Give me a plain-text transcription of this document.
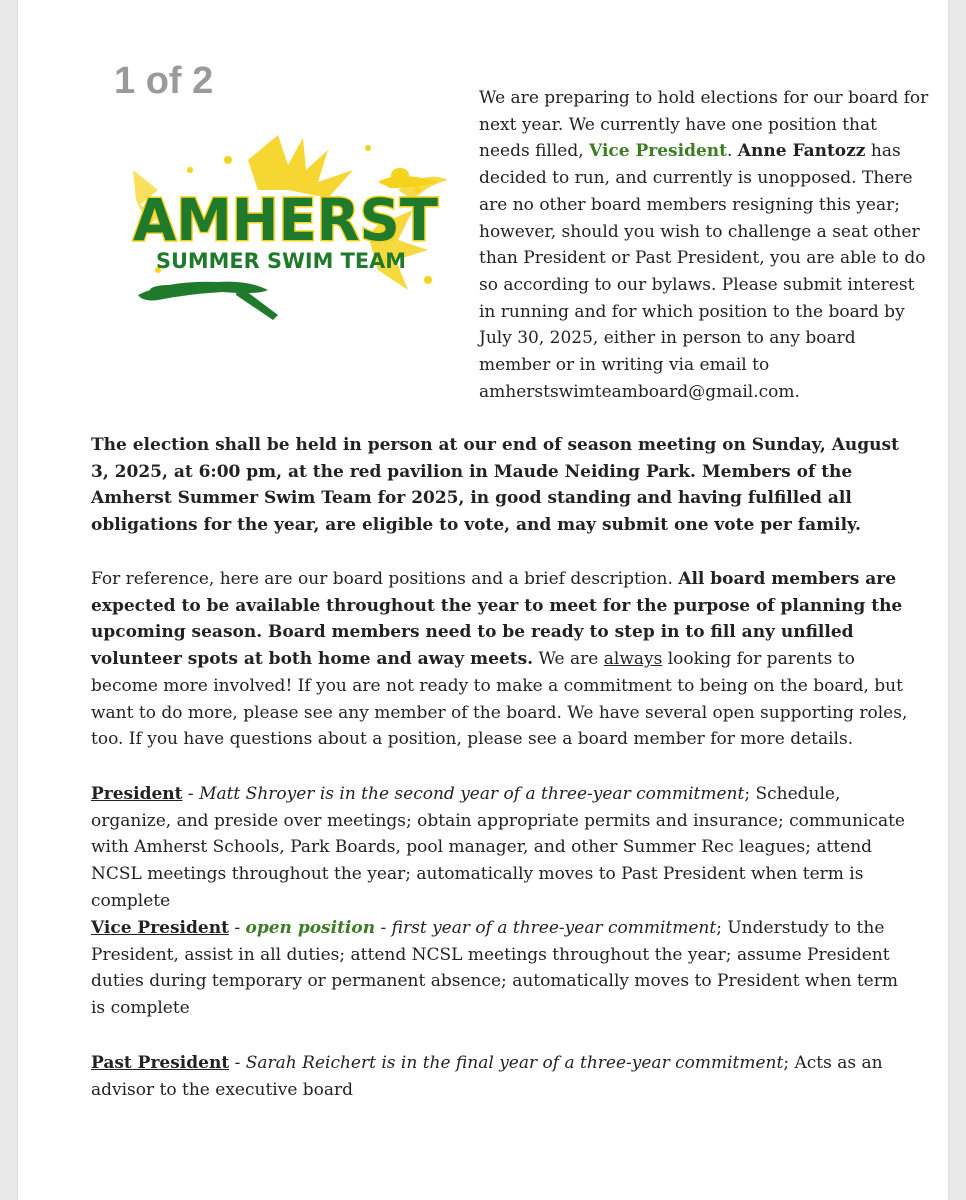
1 of 2
AMHERST
SUMMER SWIM TEAM

We are preparing to hold elections for our board for next year. We currently have one position that needs filled, Vice President. Anne Fantozz has decided to run, and currently is unopposed. There are no other board members resigning this year; however, should you wish to challenge a seat other than President or Past President, you are able to do so according to our bylaws. Please submit interest in running and for which position to the board by July 30, 2025, either in person to any board member or in writing via email to amherstswimteamboard@gmail.com.

The election shall be held in person at our end of season meeting on Sunday, August 3, 2025, at 6:00 pm, at the red pavilion in Maude Neiding Park. Members of the Amherst Summer Swim Team for 2025, in good standing and having fulfilled all obligations for the year, are eligible to vote, and may submit one vote per family.

For reference, here are our board positions and a brief description. All board members are expected to be available throughout the year to meet for the purpose of planning the upcoming season. Board members need to be ready to step in to fill any unfilled volunteer spots at both home and away meets. We are always looking for parents to become more involved! If you are not ready to make a commitment to being on the board, but want to do more, please see any member of the board. We have several open supporting roles, too. If you have questions about a position, please see a board member for more details.

President - Matt Shroyer is in the second year of a three-year commitment; Schedule, organize, and preside over meetings; obtain appropriate permits and insurance; communicate with Amherst Schools, Park Boards, pool manager, and other Summer Rec leagues; attend NCSL meetings throughout the year; automatically moves to Past President when term is complete

Vice President - open position - first year of a three-year commitment; Understudy to the President, assist in all duties; attend NCSL meetings throughout the year; assume President duties during temporary or permanent absence; automatically moves to President when term is complete

Past President - Sarah Reichert is in the final year of a three-year commitment; Acts as an advisor to the executive board
